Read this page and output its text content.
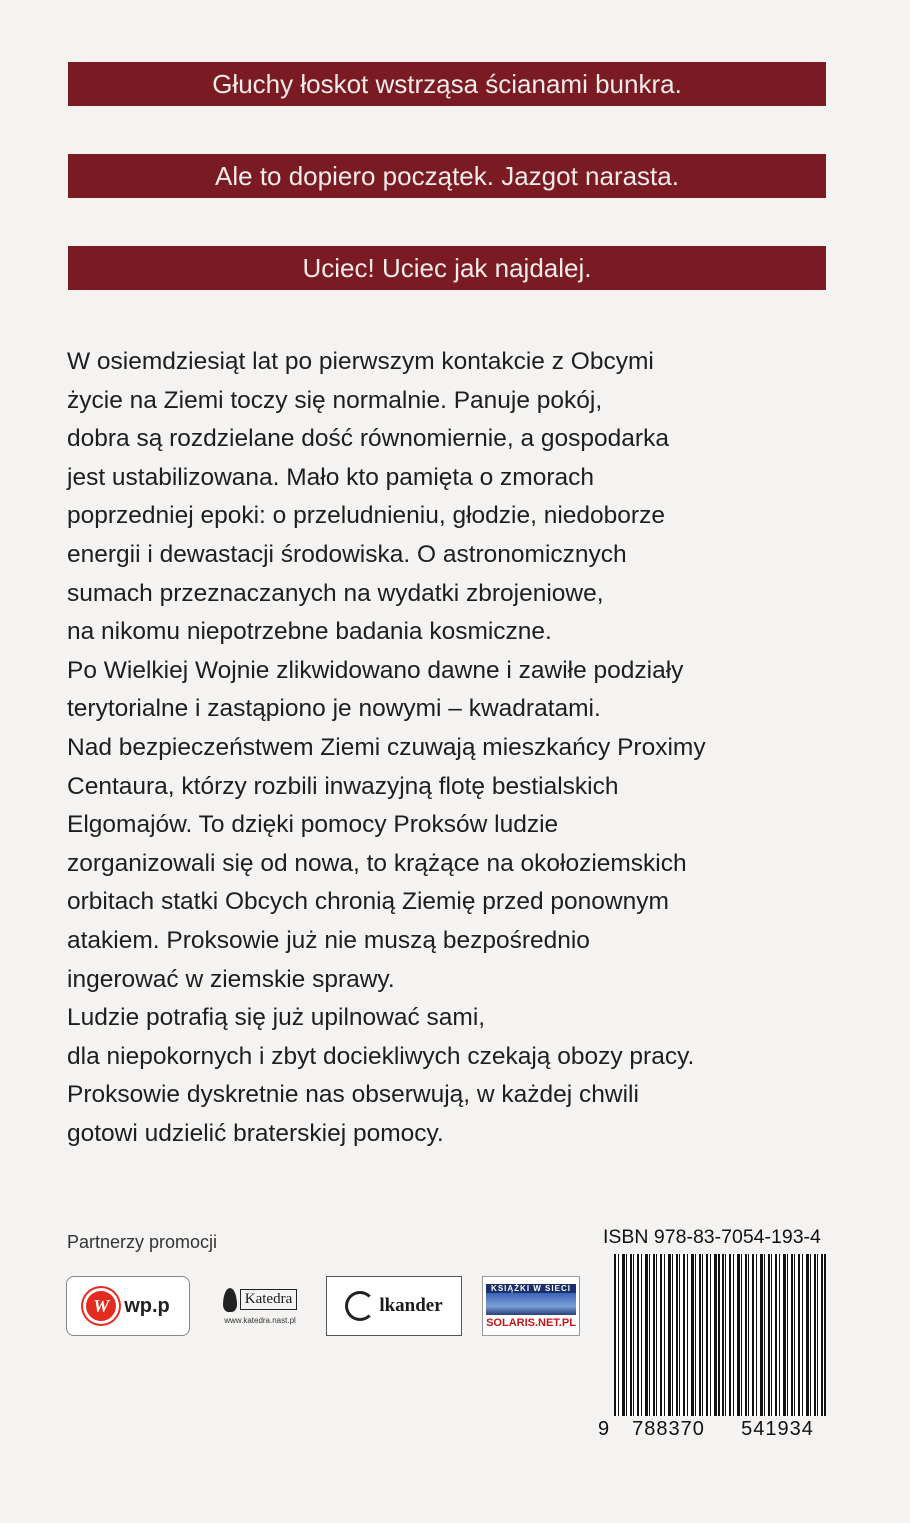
Głuchy łoskot wstrząsa ścianami bunkra.
Ale to dopiero początek. Jazgot narasta.
Uciec! Uciec jak najdalej.
W osiemdziesiąt lat po pierwszym kontakcie z Obcymi
życie na Ziemi toczy się normalnie. Panuje pokój,
dobra są rozdzielane dość równomiernie, a gospodarka
jest ustabilizowana. Mało kto pamięta o zmorach
poprzedniej epoki: o przeludnieniu, głodzie, niedoborze
energii i dewastacji środowiska. O astronomicznych
sumach przeznaczanych na wydatki zbrojeniowe,
na nikomu niepotrzebne badania kosmiczne.
Po Wielkiej Wojnie zlikwidowano dawne i zawiłe podziały
terytorialne i zastąpiono je nowymi – kwadratami.
Nad bezpieczeństwem Ziemi czuwają mieszkańcy Proximy
Centaura, którzy rozbili inwazyjną flotę bestialskich
Elgomajów. To dzięki pomocy Proksów ludzie
zorganizowali się od nowa, to krążące na okołoziemskich
orbitach statki Obcych chronią Ziemię przed ponownym
atakiem. Proksowie już nie muszą bezpośrednio
ingerować w ziemskie sprawy.
Ludzie potrafią się już upilnować sami,
dla niepokornych i zbyt dociekliwych czekają obozy pracy.
Proksowie dyskretnie nas obserwują, w każdej chwili
gotowi udzielić braterskiej pomocy.
Partnerzy promocji
W wp.p	Katedra
www.katedra.nast.pl
lkander
KSIĄŻKI W SIECI
SOLARIS.NET.PL
ISBN 978-83-7054-193-4
9	788370	541934
